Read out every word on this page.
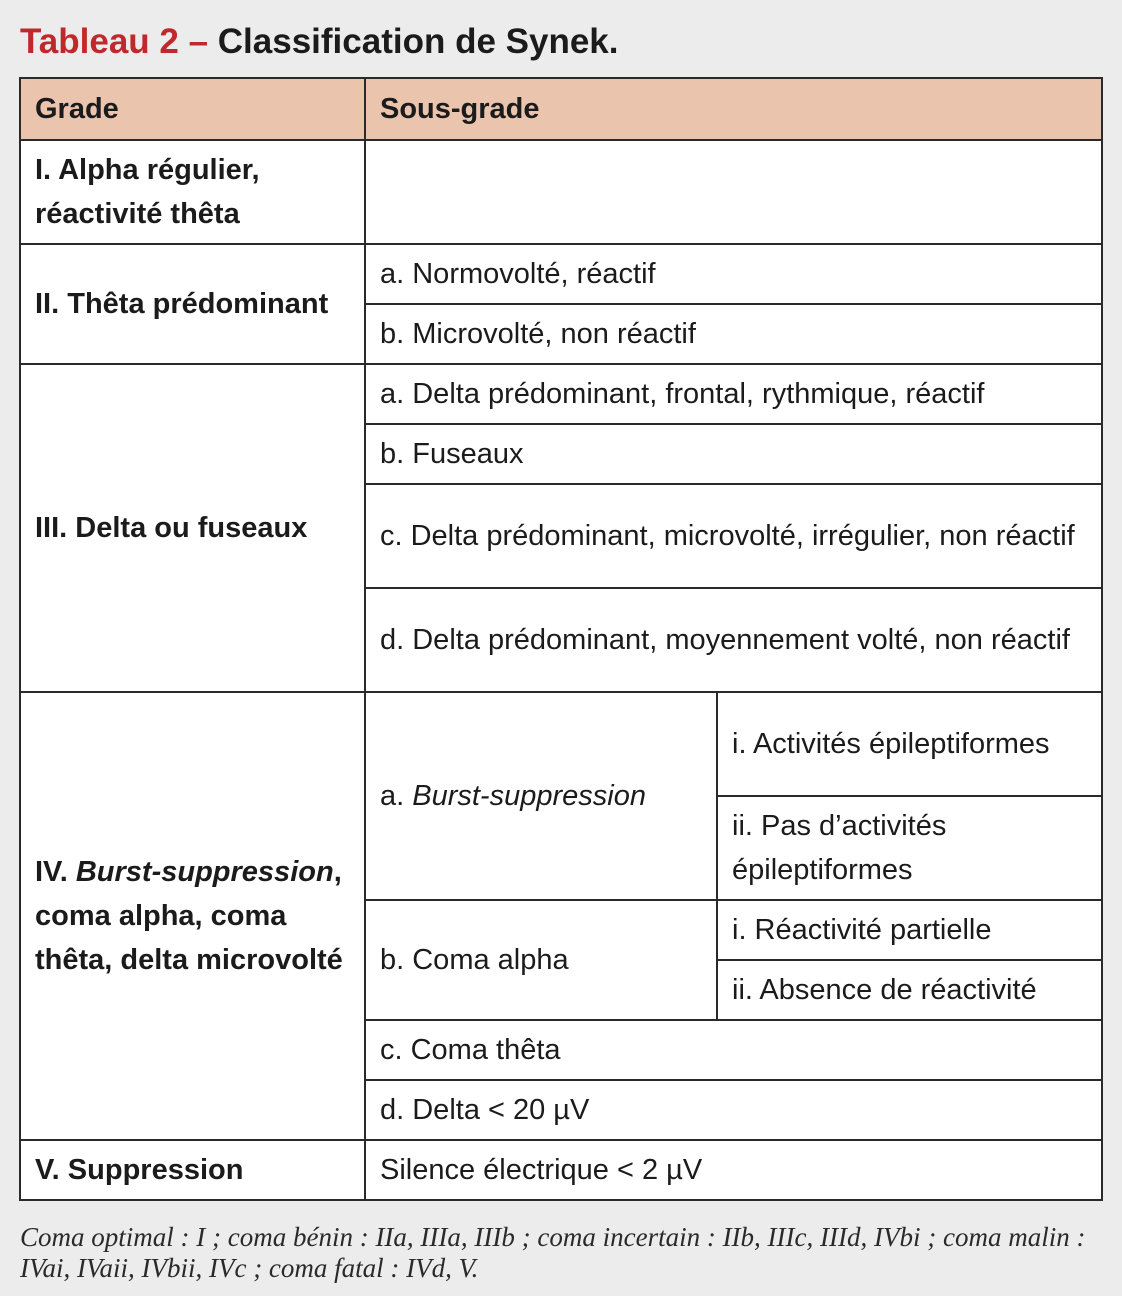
Tableau 2 – Classification de Synek.
Grade	Sous-grade	
I. Alpha régulier, réactivité thêta		
II. Thêta prédominant	a. Normovolté, réactif	
	b. Microvolté, non réactif	
III. Delta ou fuseaux	a. Delta prédominant, frontal, rythmique, réactif	
	b. Fuseaux	
	c. Delta prédominant, microvolté, irrégulier, non réactif	
	d. Delta prédominant, moyennement volté, non réactif	
IV. Burst-suppression, coma alpha, coma thêta, delta microvolté	a. Burst-suppression	i. Activités épileptiformes
		ii. Pas d’activités épileptiformes
	b. Coma alpha	i. Réactivité partielle
		ii. Absence de réactivité
	c. Coma thêta	
	d. Delta < 20 µV	
V. Suppression	Silence électrique < 2 µV	
Coma optimal : I ; coma bénin : IIa, IIIa, IIIb ; coma incertain : IIb, IIIc, IIId, IVbi ; coma malin : IVai, IVaii, IVbii, IVc ; coma fatal : IVd, V.
